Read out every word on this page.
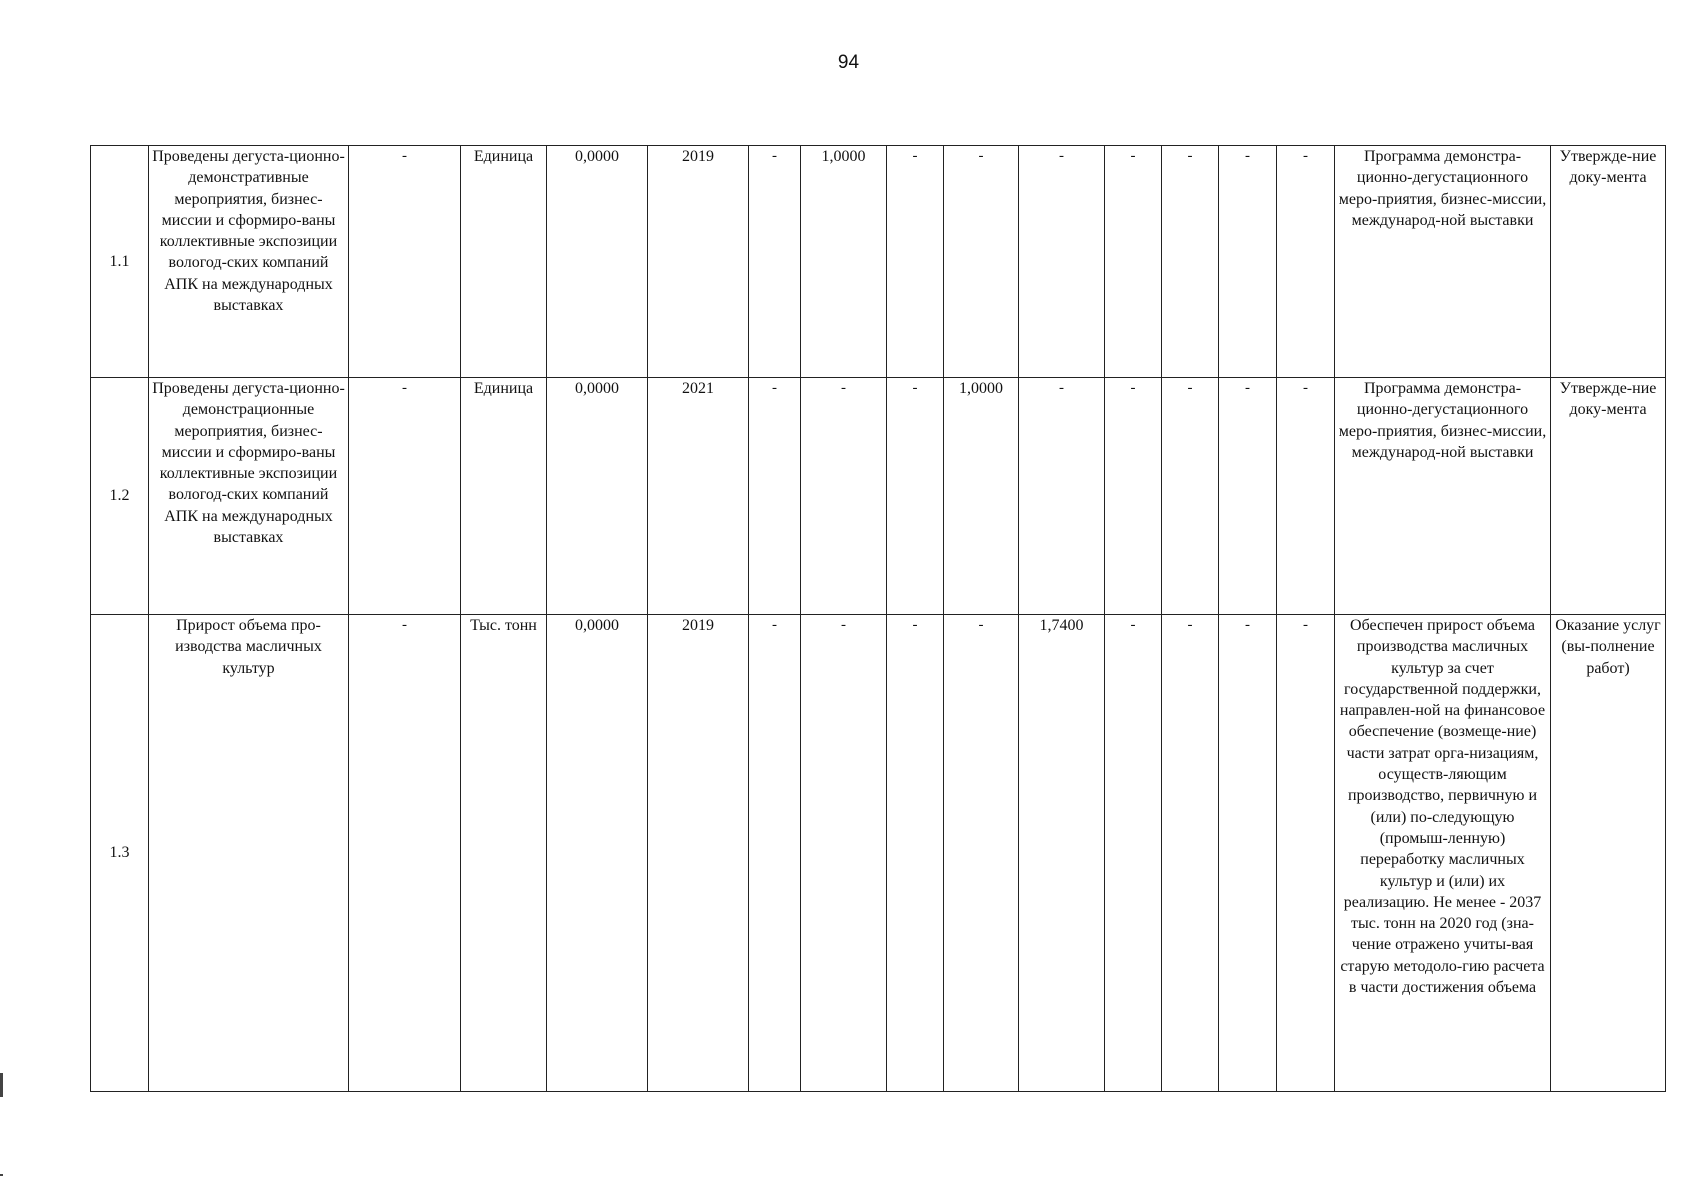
94
1.1	Проведены дегуста-ционно-демонстративные мероприятия, бизнес-миссии и сформиро-ваны коллективные экспозиции вологод-ских компаний АПК на международных выставках	-	Единица	0,0000	2019	-	1,0000	-	-	-	-	-	-	-	Программа демонстра-ционно-дегустационного меро-приятия, бизнес-миссии, международ-ной выставки	Утвержде-ние доку-мента
1.2	Проведены дегуста-ционно-демонстрационные мероприятия, бизнес-миссии и сформиро-ваны коллективные экспозиции вологод-ских компаний АПК на международных выставках	-	Единица	0,0000	2021	-	-	-	1,0000	-	-	-	-	-	Программа демонстра-ционно-дегустационного меро-приятия, бизнес-миссии, международ-ной выставки	Утвержде-ние доку-мента
1.3	Прирост объема про-изводства масличных культур	-	Тыс. тонн	0,0000	2019	-	-	-	-	1,7400	-	-	-	-	Обеспечен прирост объема производства масличных культур за счет государственной поддержки, направлен-ной на финансовое обеспечение (возмеще-ние) части затрат орга-низациям, осуществ-ляющим производство, первичную и (или) по-следующую (промыш-ленную) переработку масличных культур и (или) их реализацию. Не менее - 2037 тыс. тонн на 2020 год (зна-чение отражено учиты-вая старую методоло-гию расчета в части достижения объема	Оказание услуг (вы-полнение работ)
